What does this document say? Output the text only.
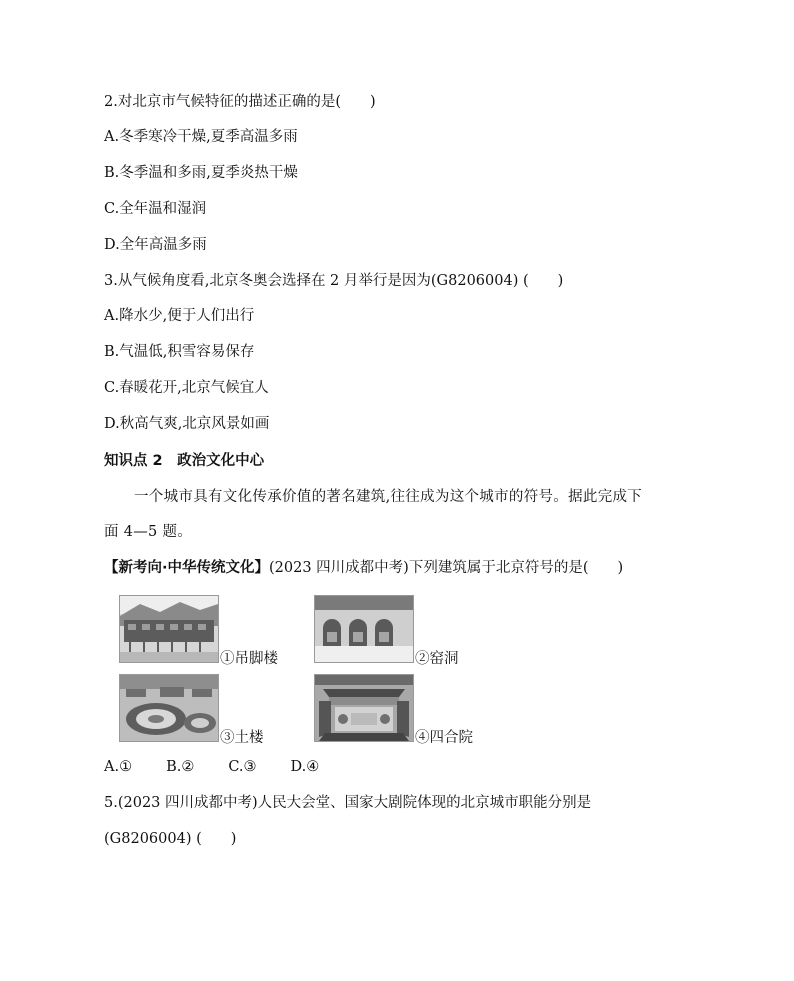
2.对北京市气候特征的描述正确的是(　　)
A.冬季寒冷干燥,夏季高温多雨
B.冬季温和多雨,夏季炎热干燥
C.全年温和湿润
D.全年高温多雨
3.从气候角度看,北京冬奥会选择在 2 月举行是因为(G8206004) (　　)
A.降水少,便于人们出行
B.气温低,积雪容易保存
C.春暖花开,北京气候宜人
D.秋高气爽,北京风景如画
知识点 2　政治文化中心
一个城市具有文化传承价值的著名建筑,往往成为这个城市的符号。据此完成下
面 4—5 题。
【新考向·中华传统文化】(2023 四川成都中考)下列建筑属于北京符号的是(　　)
①吊脚楼	②窑洞
③土楼	④四合院
A.① B.② C.③ D.④
5.(2023 四川成都中考)人民大会堂、国家大剧院体现的北京城市职能分别是
(G8206004) (　　)
